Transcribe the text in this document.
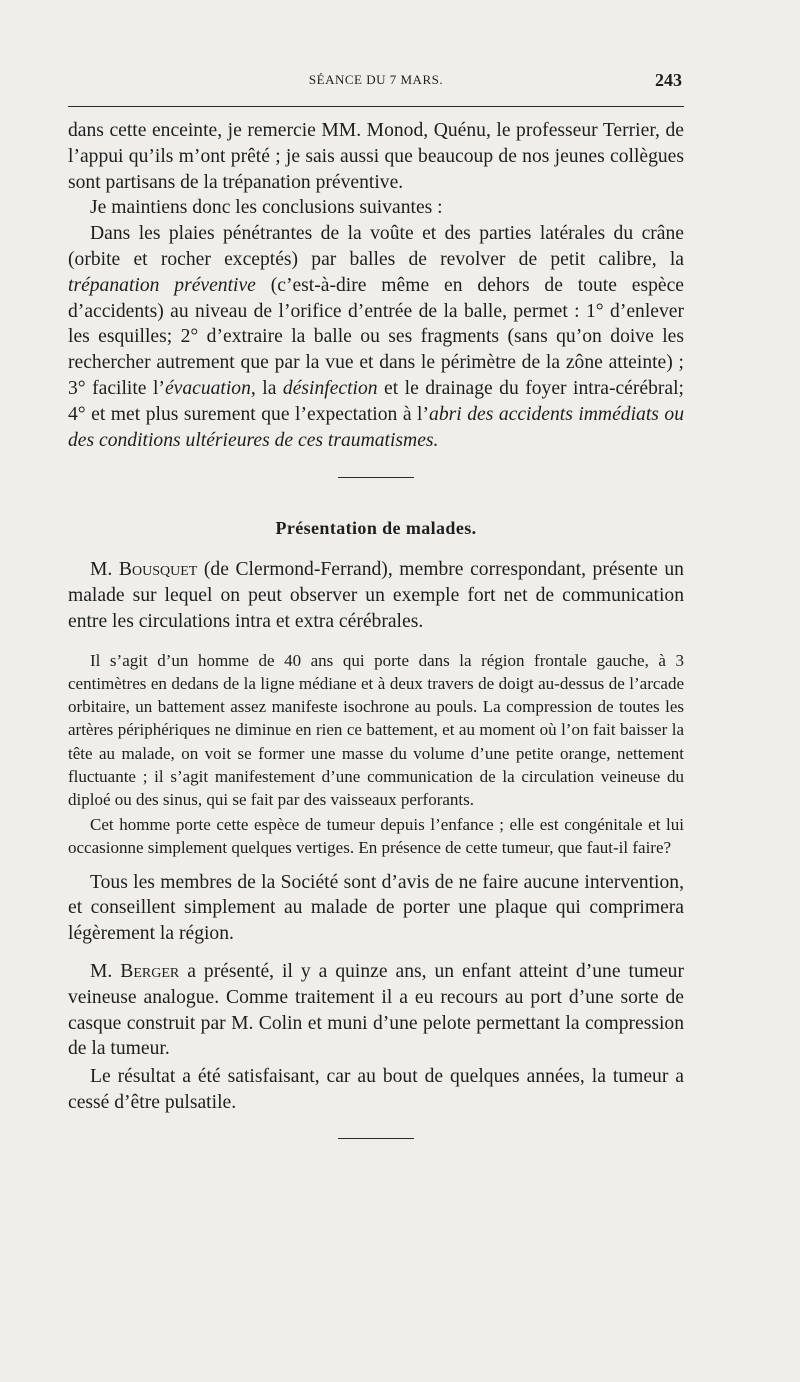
SÉANCE DU 7 MARS.	243

dans cette enceinte, je remercie MM. Monod, Quénu, le professeur Terrier, de l’appui qu’ils m’ont prêté ; je sais aussi que beaucoup de nos jeunes collègues sont partisans de la trépanation préventive.

Je maintiens donc les conclusions suivantes :

Dans les plaies pénétrantes de la voûte et des parties latérales du crâne (orbite et rocher exceptés) par balles de revolver de petit calibre, la trépanation préventive (c’est-à-dire même en dehors de toute espèce d’accidents) au niveau de l’orifice d’entrée de la balle, permet : 1° d’enlever les esquilles; 2° d’extraire la balle ou ses fragments (sans qu’on doive les rechercher autrement que par la vue et dans le périmètre de la zône atteinte) ; 3° facilite l’évacuation, la désinfection et le drainage du foyer intra-cérébral; 4° et met plus surement que l’expectation à l’abri des accidents immédiats ou des conditions ultérieures de ces traumatismes.

Présentation de malades.

M. Bousquet (de Clermond-Ferrand), membre correspondant, présente un malade sur lequel on peut observer un exemple fort net de communication entre les circulations intra et extra cérébrales.

Il s’agit d’un homme de 40 ans qui porte dans la région frontale gauche, à 3 centimètres en dedans de la ligne médiane et à deux travers de doigt au-dessus de l’arcade orbitaire, un battement assez manifeste isochrone au pouls. La compression de toutes les artères périphériques ne diminue en rien ce battement, et au moment où l’on fait baisser la tête au malade, on voit se former une masse du volume d’une petite orange, nettement fluctuante ; il s’agit manifestement d’une communication de la circulation veineuse du diploé ou des sinus, qui se fait par des vaisseaux perforants.

Cet homme porte cette espèce de tumeur depuis l’enfance ; elle est congénitale et lui occasionne simplement quelques vertiges. En présence de cette tumeur, que faut-il faire?

Tous les membres de la Société sont d’avis de ne faire aucune intervention, et conseillent simplement au malade de porter une plaque qui comprimera légèrement la région.

M. Berger a présenté, il y a quinze ans, un enfant atteint d’une tumeur veineuse analogue. Comme traitement il a eu recours au port d’une sorte de casque construit par M. Colin et muni d’une pelote permettant la compression de la tumeur.

Le résultat a été satisfaisant, car au bout de quelques années, la tumeur a cessé d’être pulsatile.
